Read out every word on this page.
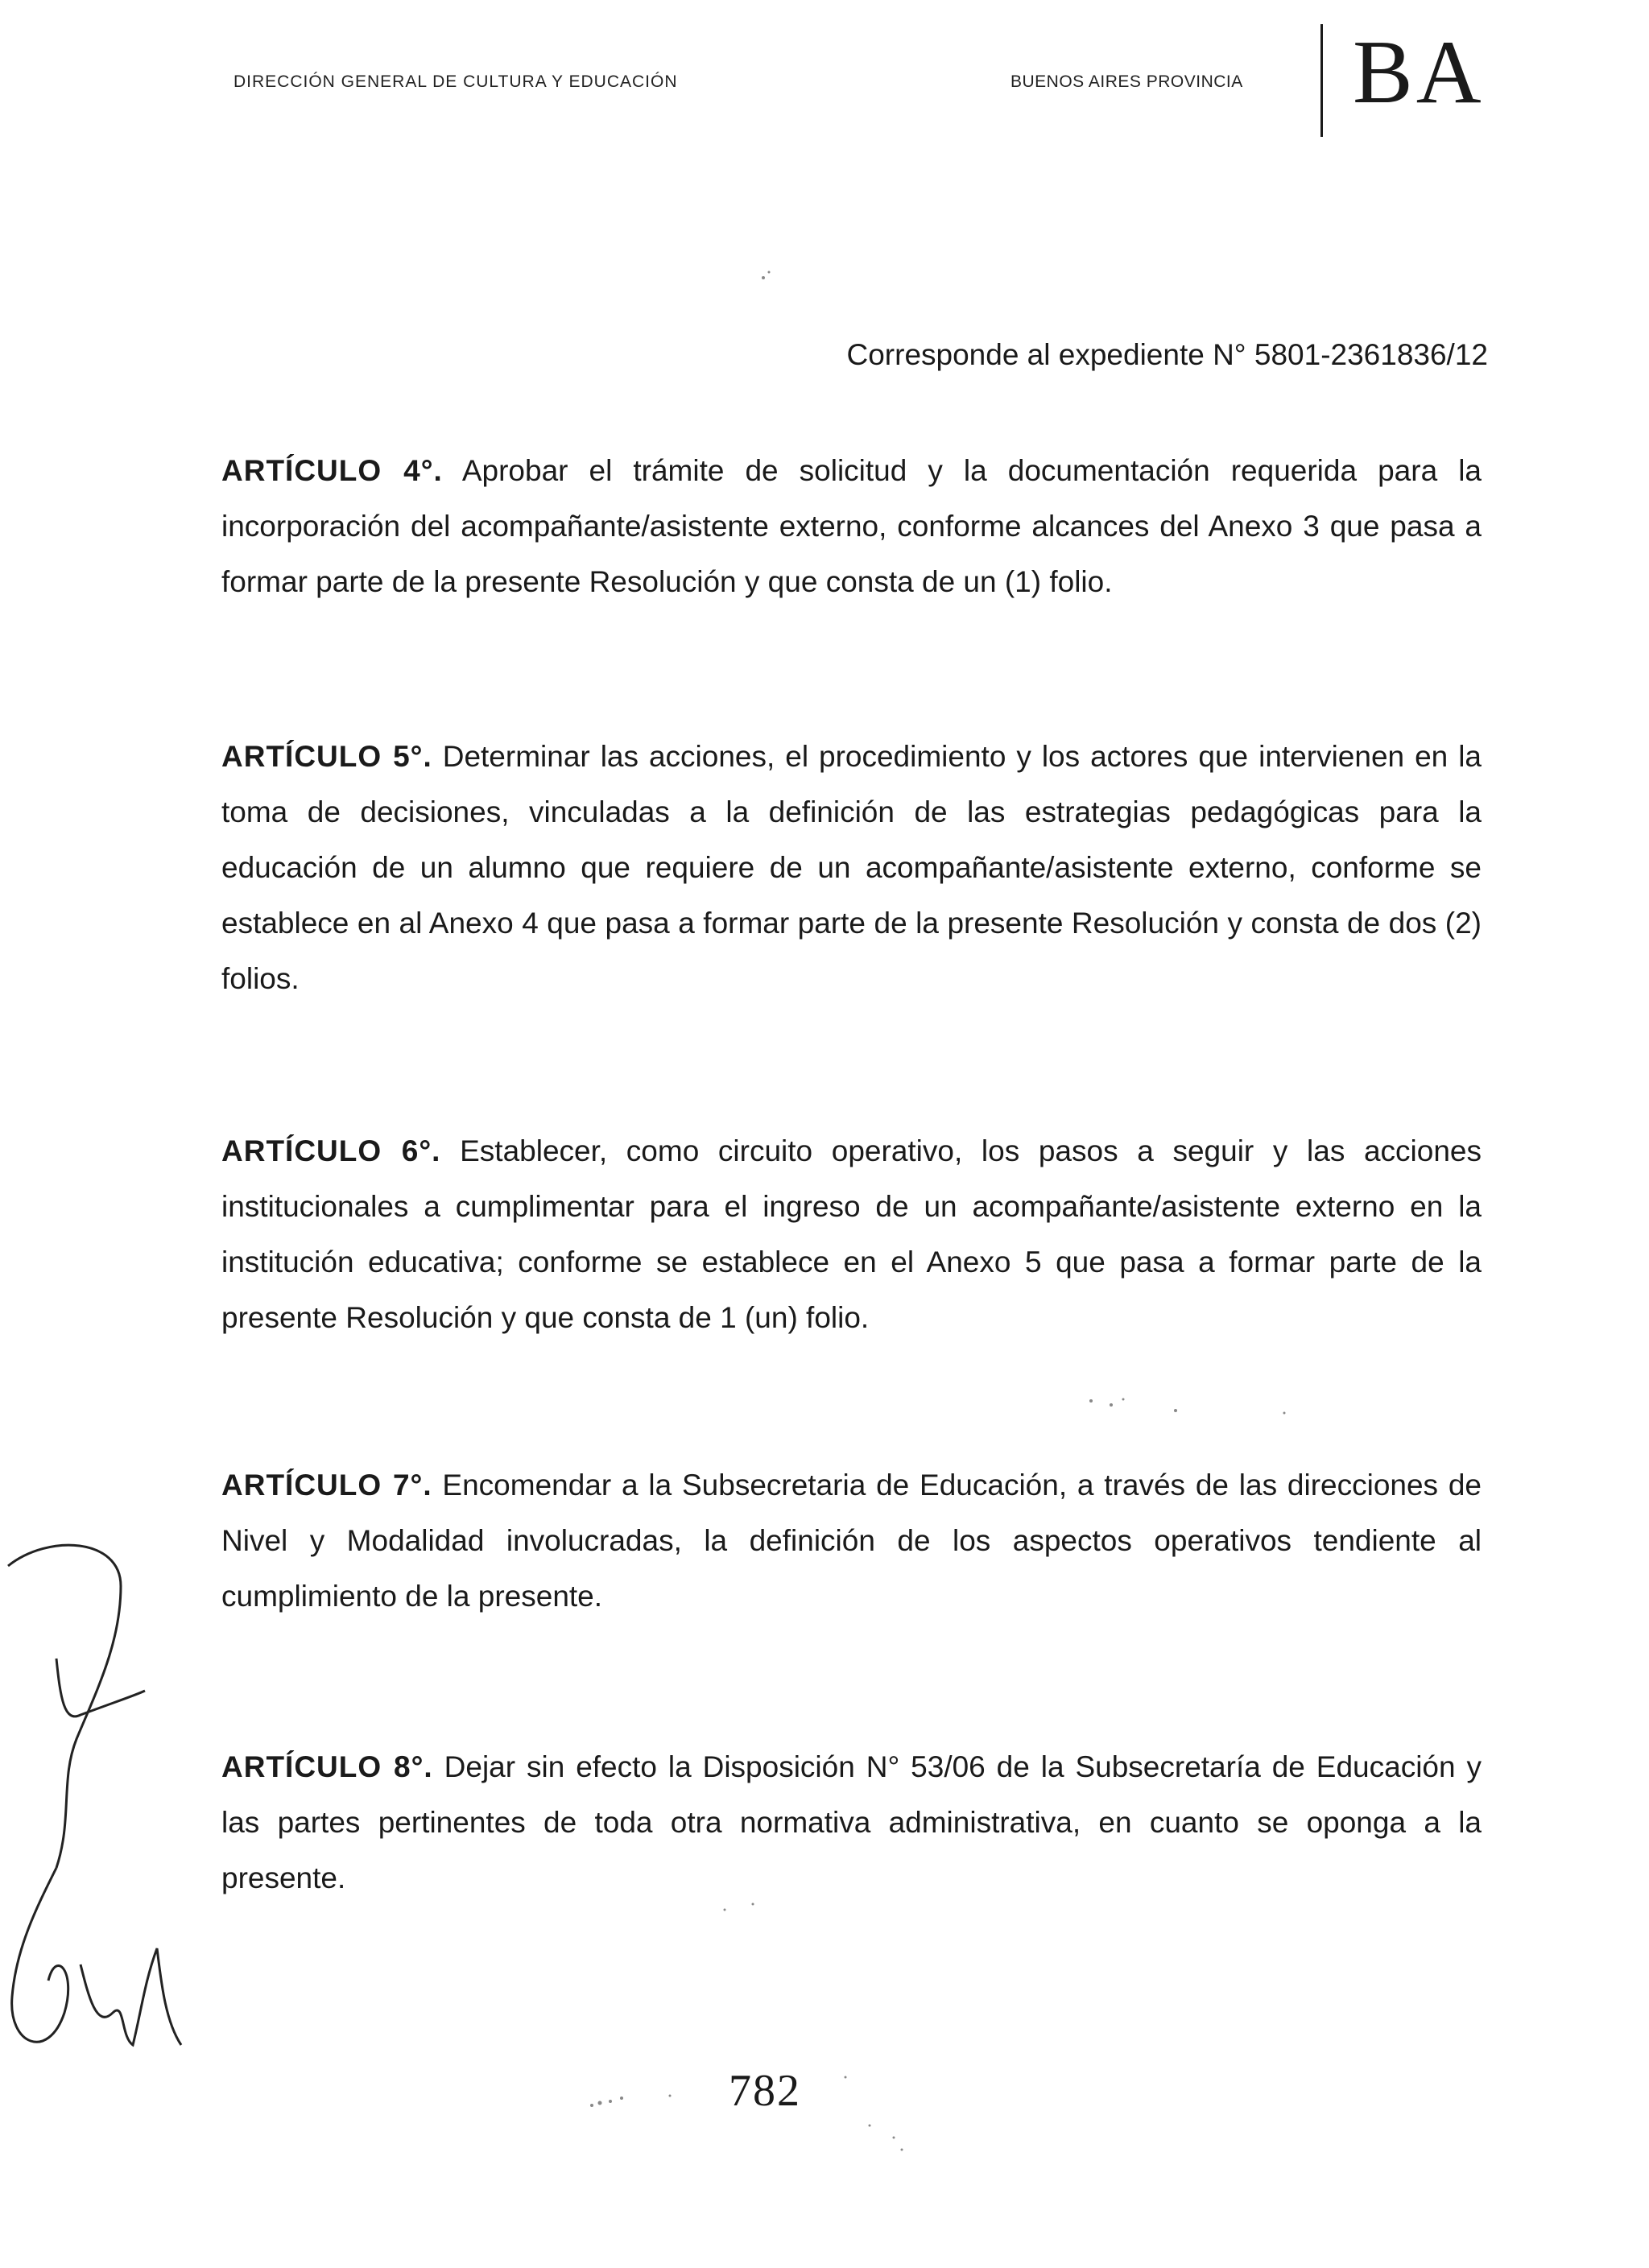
DIRECCIÓN GENERAL DE CULTURA Y EDUCACIÓN	BUENOS AIRES PROVINCIA BA
Corresponde al expediente N° 5801-2361836/12
ARTÍCULO 4°. Aprobar el trámite de solicitud y la documentación requerida para la incorporación del acompañante/asistente externo, conforme alcances del Anexo 3 que pasa a formar parte de la presente Resolución y que consta de un (1) folio.
ARTÍCULO 5°. Determinar las acciones, el procedimiento y los actores que intervienen en la toma de decisiones, vinculadas a la definición de las estrategias pedagógicas para la educación de un alumno que requiere de un acompañante/asistente externo, conforme se establece en al Anexo 4 que pasa a formar parte de la presente Resolución y consta de dos (2) folios.
ARTÍCULO 6°. Establecer, como circuito operativo, los pasos a seguir y las acciones institucionales a cumplimentar para el ingreso de un acompañante/asistente externo en la institución educativa; conforme se establece en el Anexo 5 que pasa a formar parte de la presente Resolución y que consta de 1 (un) folio.
ARTÍCULO 7°. Encomendar a la Subsecretaria de Educación, a través de las direcciones de Nivel y Modalidad involucradas, la definición de los aspectos operativos tendiente al cumplimiento de la presente.
ARTÍCULO 8°. Dejar sin efecto la Disposición N° 53/06 de la Subsecretaría de Educación y las partes pertinentes de toda otra normativa administrativa, en cuanto se oponga a la presente.
782
